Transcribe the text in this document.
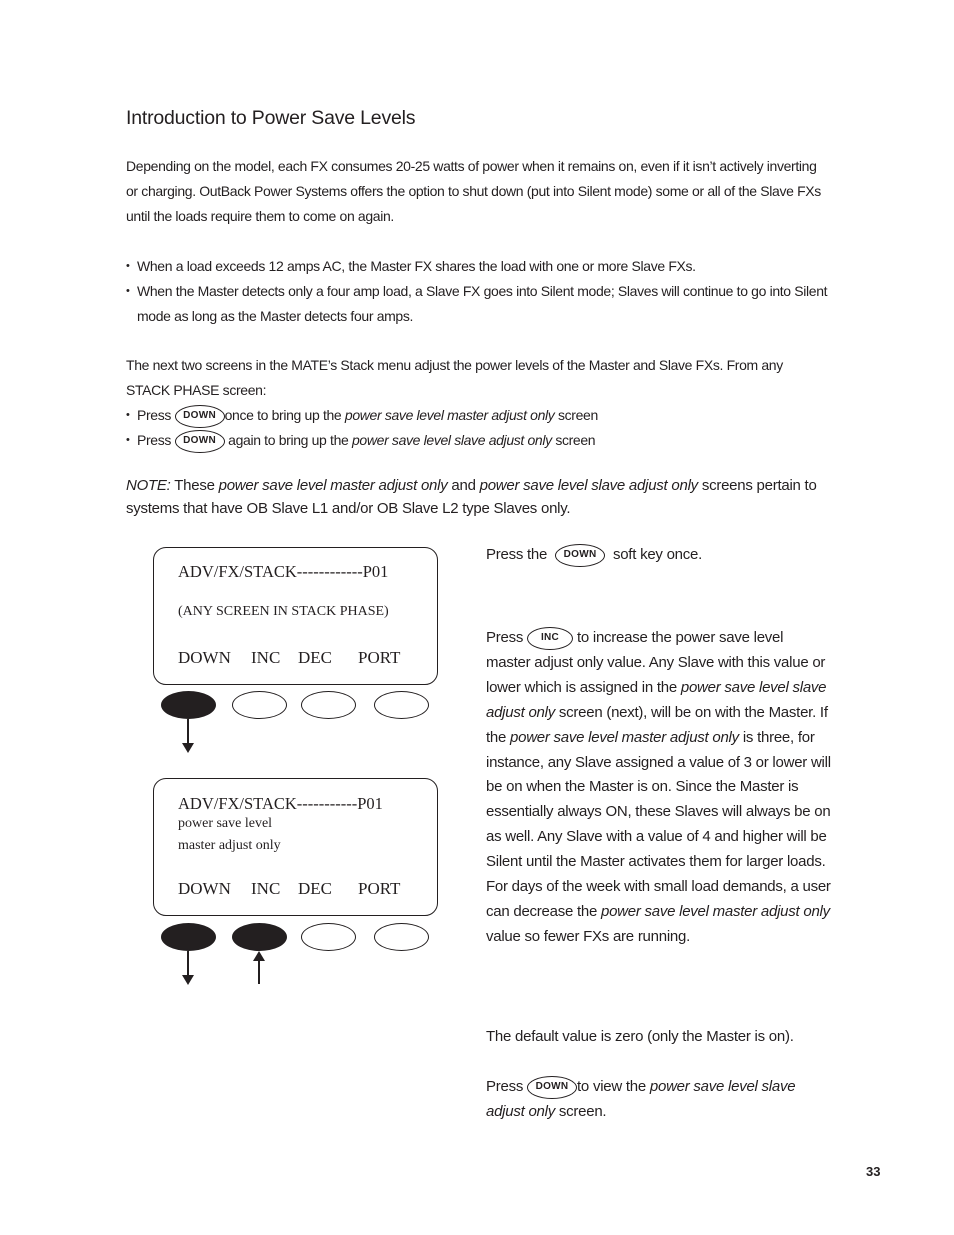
Introduction to Power Save Levels
Depending on the model, each FX consumes 20-25 watts of power when it remains on, even if it isn’t actively inverting or charging. OutBack Power Systems offers the option to shut down (put into Silent mode) some or all of the Slave FXs until the loads require them to come on again.
• When a load exceeds 12 amps AC, the Master FX shares the load with one or more Slave FXs.
• When the Master detects only a four amp load, a Slave FX goes into Silent mode; Slaves will continue to go into Silent mode as long as the Master detects four amps.
The next two screens in the MATE’s Stack menu adjust the power levels of the Master and Slave FXs. From any STACK PHASE screen:
• Press DOWN once to bring up the power save level master adjust only screen
• Press DOWN again to bring up the power save level slave adjust only screen
NOTE: These power save level master adjust only and power save level slave adjust only screens pertain to systems that have OB Slave L1 and/or OB Slave L2 type Slaves only.
ADV/FX/STACK------------P01
(ANY SCREEN IN STACK PHASE)
DOWN INC DEC PORT
ADV/FX/STACK-----------P01
power save level
master adjust only
DOWN INC DEC PORT
Press the DOWN soft key once.
Press INC to increase the power save level master adjust only value. Any Slave with this value or lower which is assigned in the power save level slave adjust only screen (next), will be on with the Master. If the power save level master adjust only is three, for instance, any Slave assigned a value of 3 or lower will be on when the Master is on. Since the Master is essentially always ON, these Slaves will always be on as well. Any Slave with a value of 4 and higher will be Silent until the Master activates them for larger loads. For days of the week with small load demands, a user can decrease the power save level master adjust only value so fewer FXs are running.
The default value is zero (only the Master is on).
Press DOWN to view the power save level slave adjust only screen.
33
